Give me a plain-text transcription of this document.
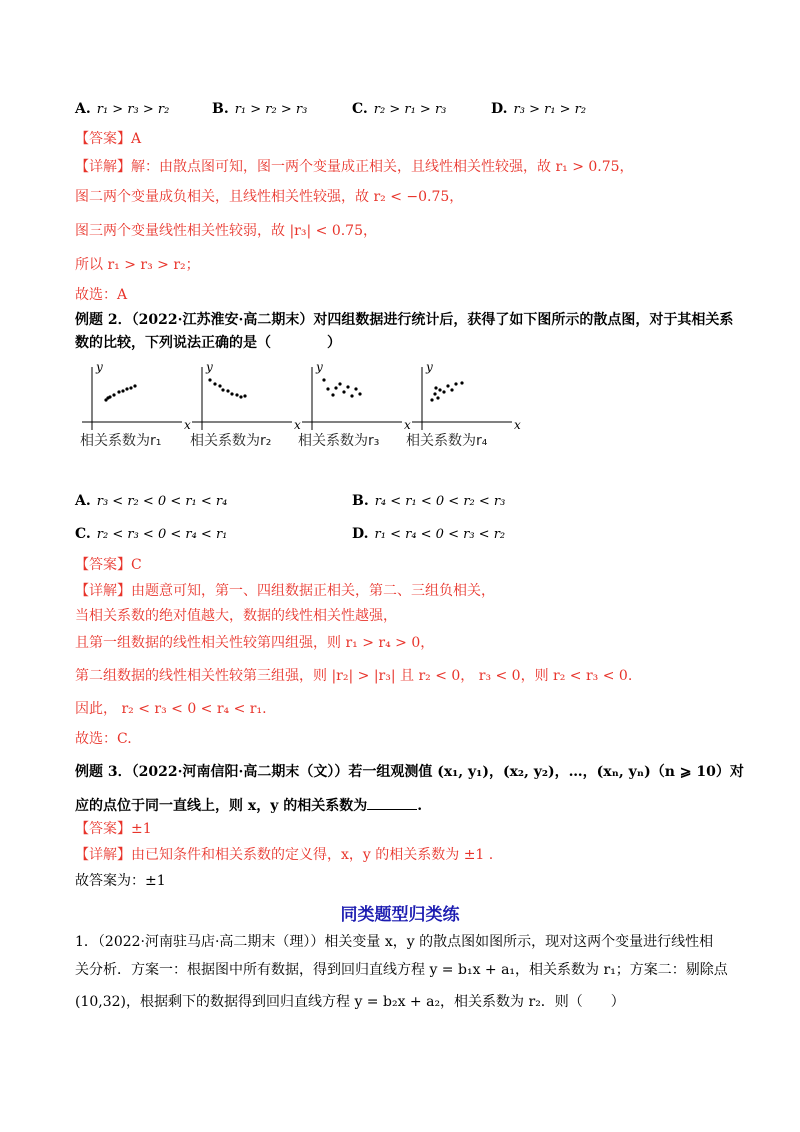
A. r₁ > r₃ > r₂	B. r₁ > r₂ > r₃	C. r₂ > r₁ > r₃	D. r₃ > r₁ > r₂
【答案】A
【详解】解：由散点图可知，图一两个变量成正相关，且线性相关性较强，故 r₁ > 0.75，
图二两个变量成负相关，且线性相关性较强，故 r₂ < −0.75，
图三两个变量线性相关性较弱，故 |r₃| < 0.75，
所以 r₁ > r₃ > r₂；
故选：A
例题 2．（2022·江苏淮安·高二期末）对四组数据进行统计后，获得了如下图所示的散点图，对于其相关系
数的比较，下列说法正确的是（　　　　）
y
x
y
x
y
x
y
x
相关系数为r₁ 相关系数为r₂ 相关系数为r₃ 相关系数为r₄
A. r₃ < r₂ < 0 < r₁ < r₄	B. r₄ < r₁ < 0 < r₂ < r₃
C. r₂ < r₃ < 0 < r₄ < r₁	D. r₁ < r₄ < 0 < r₃ < r₂
【答案】C
【详解】由题意可知，第一、四组数据正相关，第二、三组负相关，
当相关系数的绝对值越大，数据的线性相关性越强，
且第一组数据的线性相关性较第四组强，则 r₁ > r₄ > 0，
第二组数据的线性相关性较第三组强，则 |r₂| > |r₃| 且 r₂ < 0， r₃ < 0，则 r₂ < r₃ < 0.
因此， r₂ < r₃ < 0 < r₄ < r₁.
故选：C.
例题 3．（2022·河南信阳·高二期末（文））若一组观测值 (x₁, y₁)，(x₂, y₂)，…，(xₙ, yₙ)（n ⩾ 10）对
应的点位于同一直线上，则 x，y 的相关系数为	.
【答案】±1
【详解】由已知条件和相关系数的定义得，x，y 的相关系数为 ±1 .
故答案为：±1
同类题型归类练
1．（2022·河南驻马店·高二期末（理））相关变量 x，y 的散点图如图所示，现对这两个变量进行线性相
关分析．方案一：根据图中所有数据，得到回归直线方程 y = b₁x + a₁，相关系数为 r₁；方案二：剔除点
(10,32)，根据剩下的数据得到回归直线方程 y = b₂x + a₂，相关系数为 r₂．则（　　）
